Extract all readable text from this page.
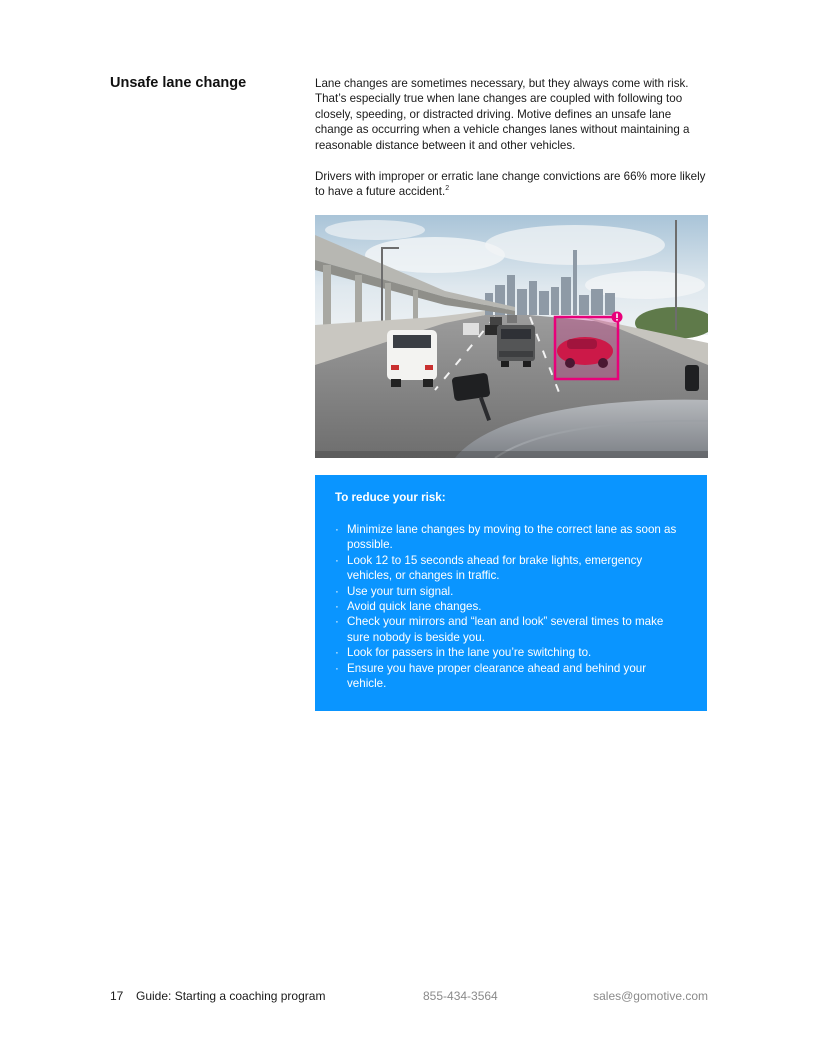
Unsafe lane change	Lane changes are sometimes necessary, but they always come with risk. That’s especially true when lane changes are coupled with following too closely, speeding, or distracted driving. Motive defines an unsafe lane change as occurring when a vehicle changes lanes without maintaining a reasonable distance between it and other vehicles.

Drivers with improper or erratic lane change convictions are 66% more likely to have a future accident.$^2$

To reduce your risk:
· Minimize lane changes by moving to the correct lane as soon as possible.
· Look 12 to 15 seconds ahead for brake lights, emergency vehicles, or changes in traffic.
· Use your turn signal.
· Avoid quick lane changes.
· Check your mirrors and “lean and look” several times to make sure nobody is beside you.
· Look for passers in the lane you’re switching to.
· Ensure you have proper clearance ahead and behind your vehicle.
17 Guide: Starting a coaching program	855-434-3564	sales@gomotive.com
